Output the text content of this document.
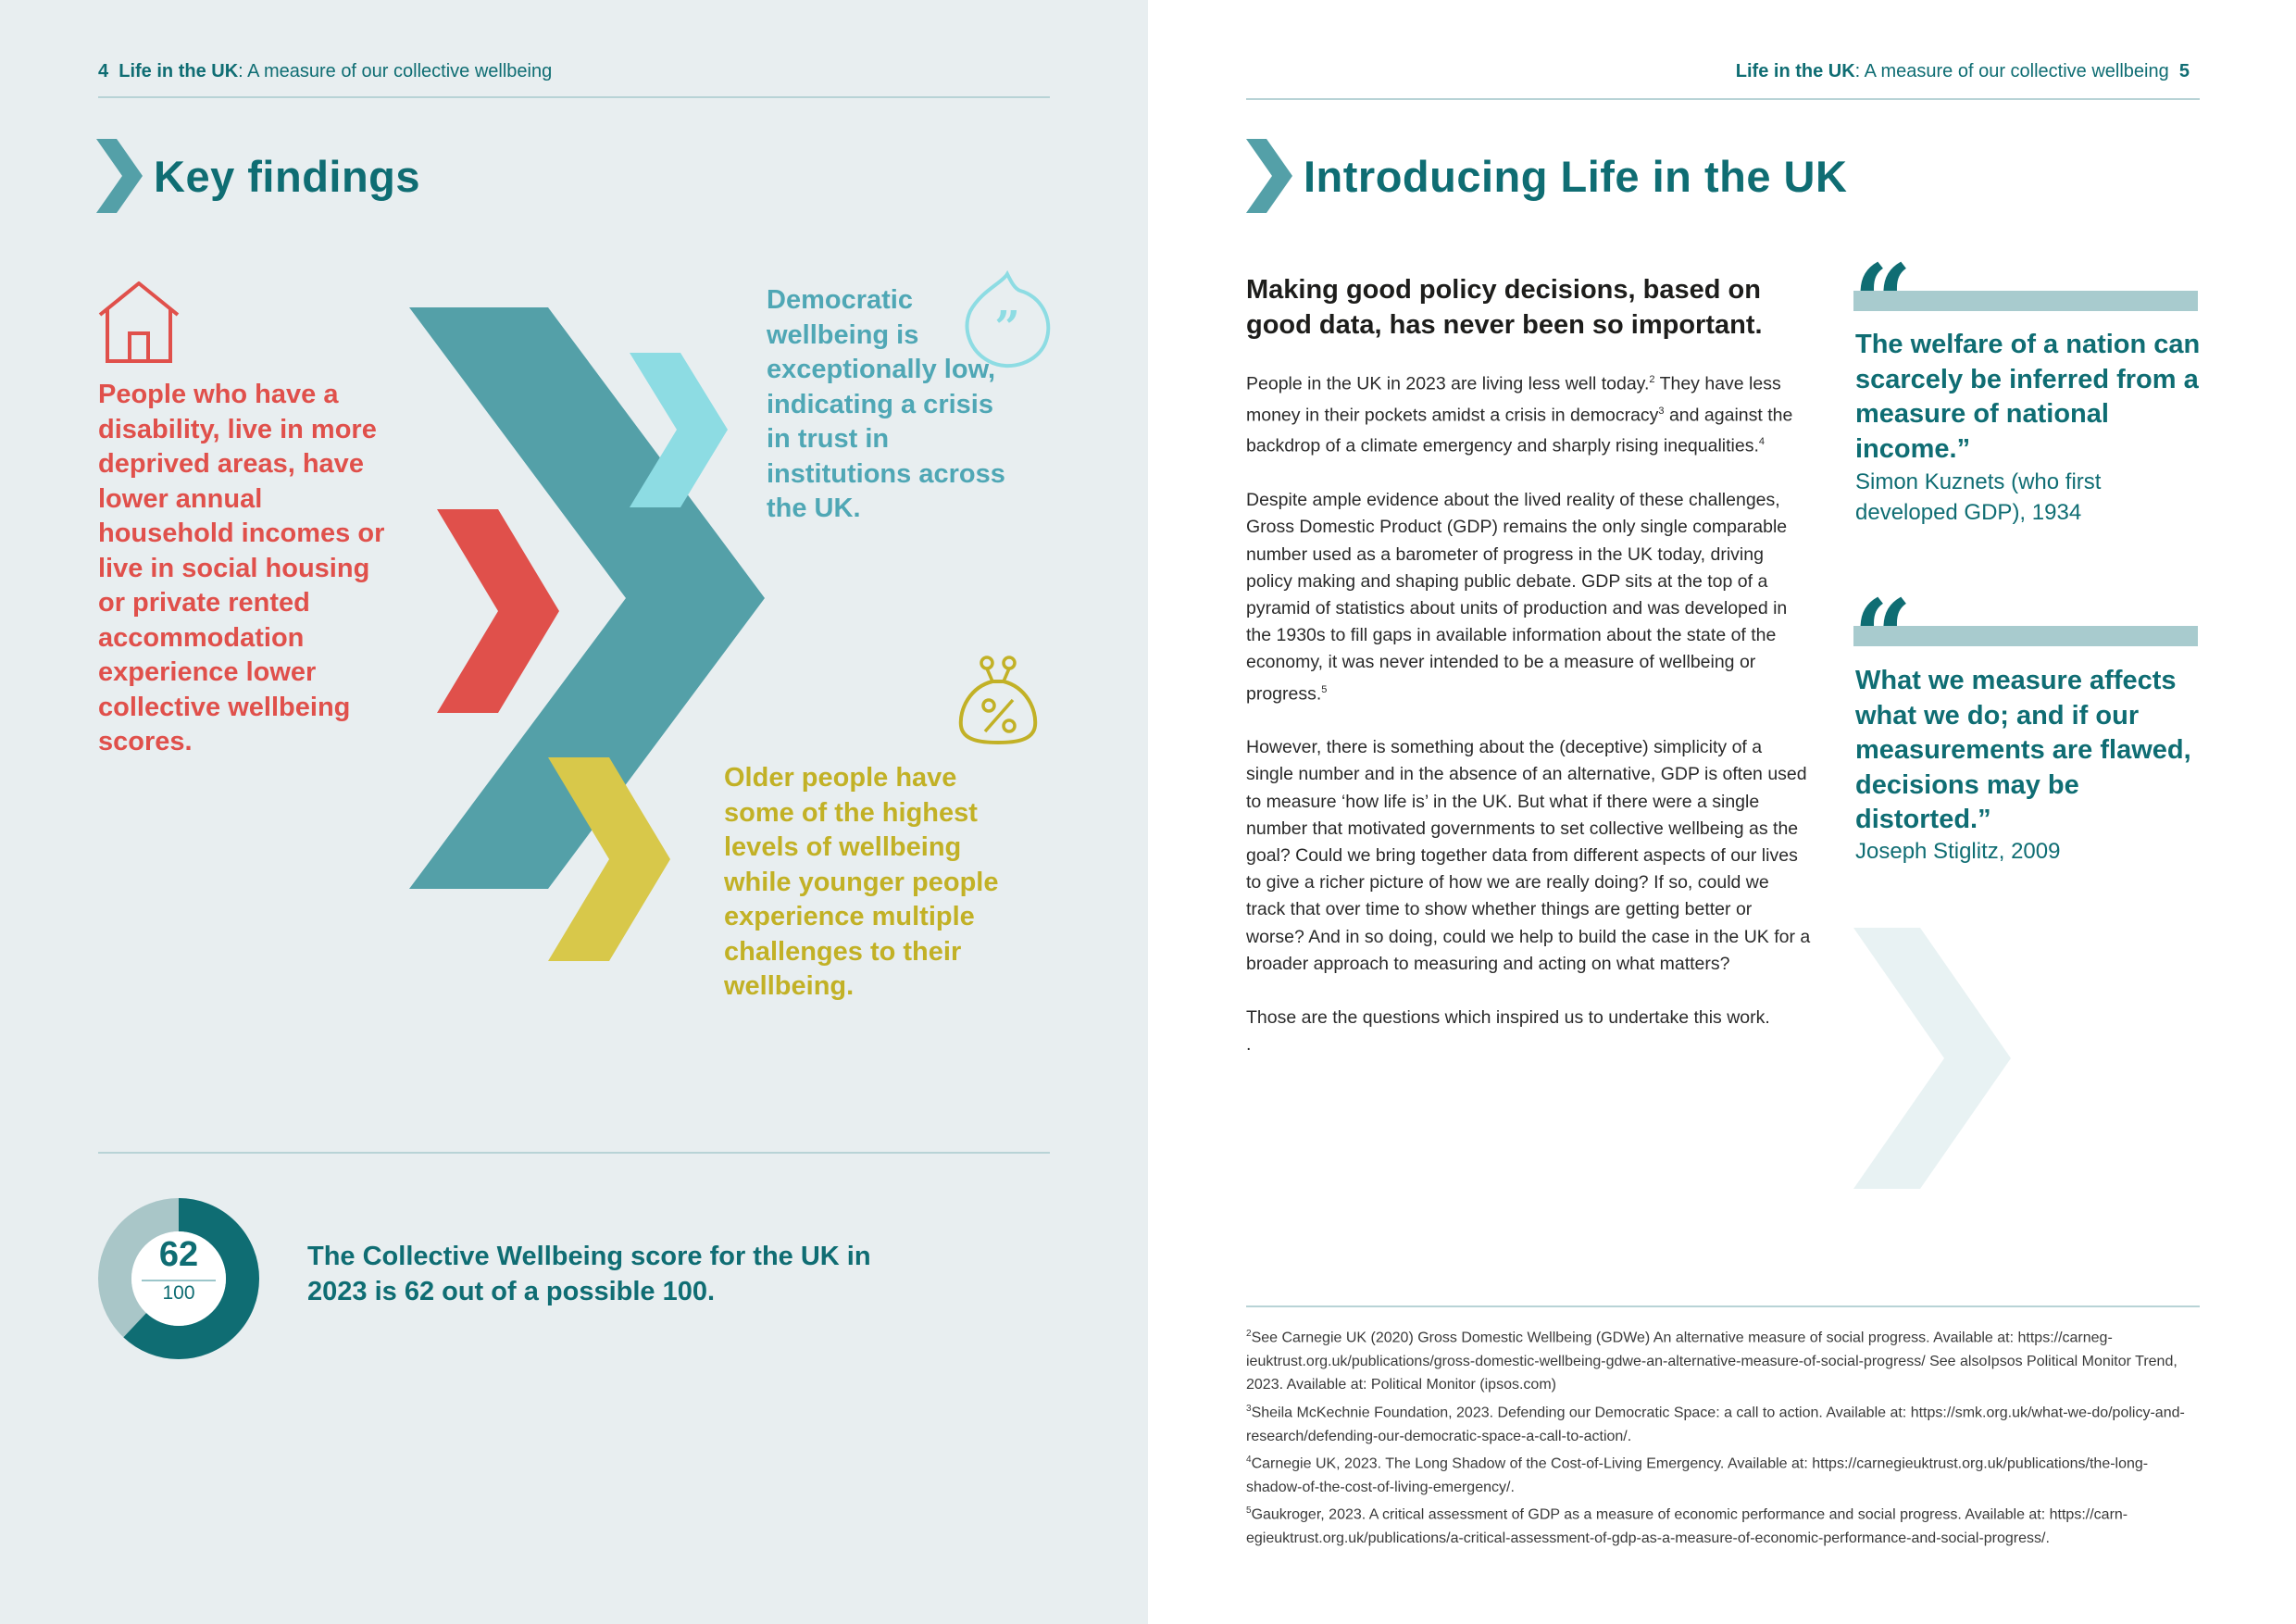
4 Life in the UK: A measure of our collective wellbeing
Key findings
”
People who have a disability, live in more deprived areas, have lower annual household incomes or live in social housing or private rented accommodation experience lower collective wellbeing scores.
Democratic wellbeing is exceptionally low, indicating a crisis in trust in institutions across the UK.
Older people have some of the highest levels of wellbeing while younger people experience multiple challenges to their wellbeing.
62
100
The Collective Wellbeing score for the UK in 2023 is 62 out of a possible 100.
Life in the UK: A measure of our collective wellbeing 5
Introducing Life in the UK
Making good policy decisions, based on good data, has never been so important.

People in the UK in 2023 are living less well today.$^2$ They have less money in their pockets amidst a crisis in democracy$^3$ and against the backdrop of a climate emergency and sharply rising inequalities.$^4$

Despite ample evidence about the lived reality of these challenges, Gross Domestic Product (GDP) remains the only single comparable number used as a barometer of progress in the UK today, driving policy making and shaping public debate. GDP sits at the top of a pyramid of statistics about units of production and was developed in the 1930s to fill gaps in available information about the state of the economy, it was never intended to be a measure of wellbeing or progress.$^5$

However, there is something about the (deceptive) simplicity of a single number and in the absence of an alternative, GDP is often used to measure ‘how life is’ in the UK. But what if there were a single number that motivated governments to set collective wellbeing as the goal? Could we bring together data from different aspects of our lives to give a richer picture of how we are really doing? If so, could we track that over time to show whether things are getting better or worse? And in so doing, could we help to build the case in the UK for a broader approach to measuring and acting on what matters?

Those are the questions which inspired us to undertake this work.
.

“
The welfare of a nation can scarcely be inferred from a measure of national income.”
Simon Kuznets (who first developed GDP), 1934
“
What we measure affects what we do; and if our measurements are flawed, decisions may be distorted.”
Joseph Stiglitz, 2009

$^2$See Carnegie UK (2020) Gross Domestic Wellbeing (GDWe) An alternative measure of social progress. Available at: https://carneg-ieuktrust.org.uk/publications/gross-domestic-wellbeing-gdwe-an-alternative-measure-of-social-progress/ See alsoIpsos Political Monitor Trend, 2023. Available at: Political Monitor (ipsos.com)

$^3$Sheila McKechnie Foundation, 2023. Defending our Democratic Space: a call to action. Available at: https://smk.org.uk/what-we-do/policy-and-research/defending-our-democratic-space-a-call-to-action/.

$^4$Carnegie UK, 2023. The Long Shadow of the Cost-of-Living Emergency. Available at: https://carnegieuktrust.org.uk/publications/the-long-shadow-of-the-cost-of-living-emergency/.

$^5$Gaukroger, 2023. A critical assessment of GDP as a measure of economic performance and social progress. Available at: https://carn-egieuktrust.org.uk/publications/a-critical-assessment-of-gdp-as-a-measure-of-economic-performance-and-social-progress/.
